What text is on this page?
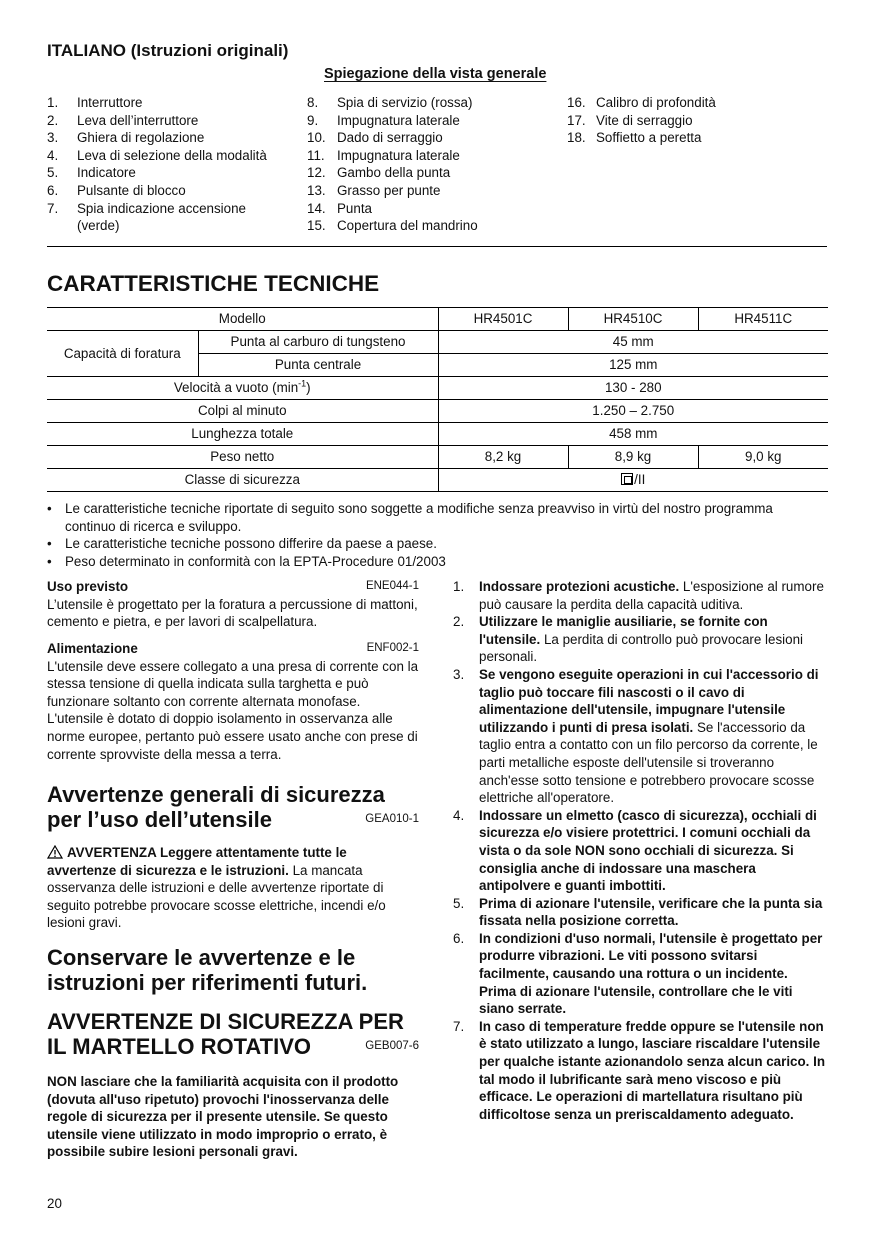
ITALIANO (Istruzioni originali)
Spiegazione della vista generale
1.	Interruttore
2.	Leva dell’interruttore
3.	Ghiera di regolazione
4.	Leva di selezione della modalità
5.	Indicatore
6.	Pulsante di blocco
7.	Spia indicazione accensione (verde)
8.	Spia di servizio (rossa)
9.	Impugnatura laterale
10. Dado di serraggio
11. Impugnatura laterale
12. Gambo della punta
13. Grasso per punte
14. Punta
15. Copertura del mandrino
16. Calibro di profondità
17. Vite di serraggio
18. Soffietto a peretta
CARATTERISTICHE TECNICHE
Modello		HR4501C	HR4510C	HR4511C
Capacità di foratura	Punta al carburo di tungsteno	45 mm		
	Punta centrale	125 mm		
Velocità a vuoto $(\min^{-1})$		130 - 280		
Colpi al minuto		1.250 – 2.750		
Lunghezza totale		458 mm		
Peso netto		8,2 kg	8,9 kg	9,0 kg
Classe di sicurezza		/II		
• Le caratteristiche tecniche riportate di seguito sono soggette a modifiche senza preavviso in virtù del nostro programma continuo di ricerca e sviluppo.
• Le caratteristiche tecniche possono differire da paese a paese.
• Peso determinato in conformità con la EPTA-Procedure 01/2003
Uso previsto	ENE044-1
L’utensile è progettato per la foratura a percussione di mattoni, cemento e pietra, e per lavori di scalpellatura.
Alimentazione	ENF002-1
L'utensile deve essere collegato a una presa di corrente con la stessa tensione di quella indicata sulla targhetta e può funzionare soltanto con corrente alternata monofase. L'utensile è dotato di doppio isolamento in osservanza alle norme europee, pertanto può essere usato anche con prese di corrente sprovviste della messa a terra.
Avvertenze generali di sicurezza
per l’uso dell’utensile	GEA010-1
AVVERTENZA Leggere attentamente tutte le avvertenze di sicurezza e le istruzioni. La mancata osservanza delle istruzioni e delle avvertenze riportate di seguito potrebbe provocare scosse elettriche, incendi e/o lesioni gravi.
Conservare le avvertenze e le istruzioni per riferimenti futuri.
AVVERTENZE DI SICUREZZA PER
IL MARTELLO ROTATIVO	GEB007-6
NON lasciare che la familiarità acquisita con il prodotto (dovuta all'uso ripetuto) provochi l'inosservanza delle regole di sicurezza per il presente utensile. Se questo utensile viene utilizzato in modo improprio o errato, è possibile subire lesioni personali gravi.
1.	Indossare protezioni acustiche. L'esposizione al rumore può causare la perdita della capacità uditiva.
2.	Utilizzare le maniglie ausiliarie, se fornite con l'utensile. La perdita di controllo può provocare lesioni personali.
3.	Se vengono eseguite operazioni in cui l'accessorio di taglio può toccare fili nascosti o il cavo di alimentazione dell'utensile, impugnare l'utensile utilizzando i punti di presa isolati. Se l'accessorio da taglio entra a contatto con un filo percorso da corrente, le parti metalliche esposte dell'utensile si troveranno anch'esse sotto tensione e potrebbero provocare scosse elettriche all'operatore.
4.	Indossare un elmetto (casco di sicurezza), occhiali di sicurezza e/o visiere protettrici. I comuni occhiali da vista o da sole NON sono occhiali di sicurezza. Si consiglia anche di indossare una maschera antipolvere e guanti imbottiti.
5.	Prima di azionare l'utensile, verificare che la punta sia fissata nella posizione corretta.
6.	In condizioni d'uso normali, l'utensile è progettato per produrre vibrazioni. Le viti possono svitarsi facilmente, causando una rottura o un incidente. Prima di azionare l'utensile, controllare che le viti siano serrate.
7.	In caso di temperature fredde oppure se l'utensile non è stato utilizzato a lungo, lasciare riscaldare l'utensile per qualche istante azionandolo senza alcun carico. In tal modo il lubrificante sarà meno viscoso e più efficace. Le operazioni di martellatura risultano più difficoltose senza un preriscaldamento adeguato.
20
